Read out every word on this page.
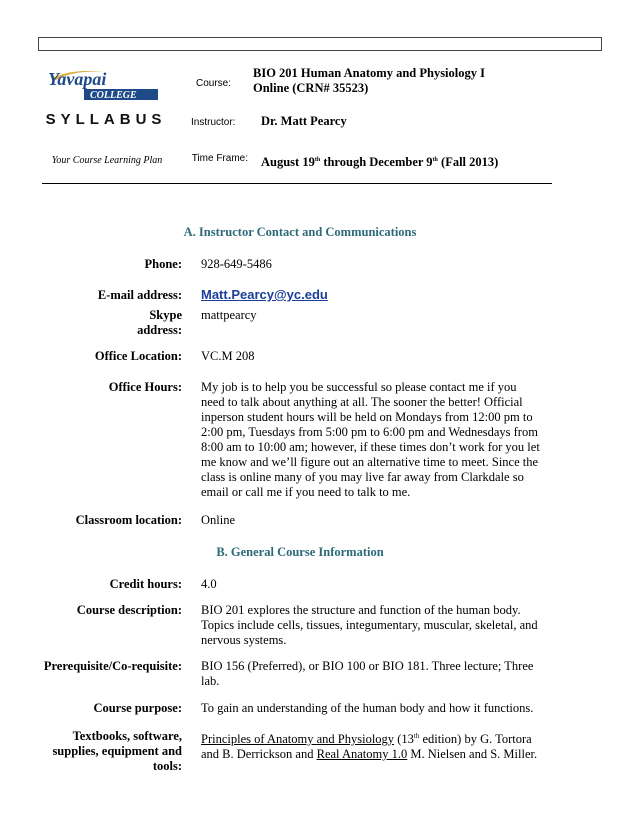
Yavapai
COLLEGE
SYLLABUS
Your Course Learning Plan
Course:
BIO 201 Human Anatomy and Physiology I Online (CRN# 35523)
Instructor: Dr. Matt Pearcy
Time Frame: August 19th through December 9th (Fall 2013)
A. Instructor Contact and Communications
Phone: 928-649-5486
E-mail address: Matt.Pearcy@yc.edu
Skype address:
mattpearcy
Office Location: VC.M 208
Office Hours: My job is to help you be successful so please contact me if you need to talk about anything at all. The sooner the better! Official inperson student hours will be held on Mondays from 12:00 pm to 2:00 pm, Tuesdays from 5:00 pm to 6:00 pm and Wednesdays from 8:00 am to 10:00 am; however, if these times don’t work for you let me know and we’ll figure out an alternative time to meet. Since the class is online many of you may live far away from Clarkdale so email or call me if you need to talk to me.
Classroom location: Online
B. General Course Information
Credit hours: 4.0
Course description: BIO 201 explores the structure and function of the human body. Topics include cells, tissues, integumentary, muscular, skeletal, and nervous systems.
Prerequisite/Co-requisite: BIO 156 (Preferred), or BIO 100 or BIO 181. Three lecture; Three lab.
Course purpose: To gain an understanding of the human body and how it functions.
Textbooks, software, supplies, equipment and tools:
Principles of Anatomy and Physiology (13th edition) by G. Tortora and B. Derrickson and Real Anatomy 1.0 M. Nielsen and S. Miller.
